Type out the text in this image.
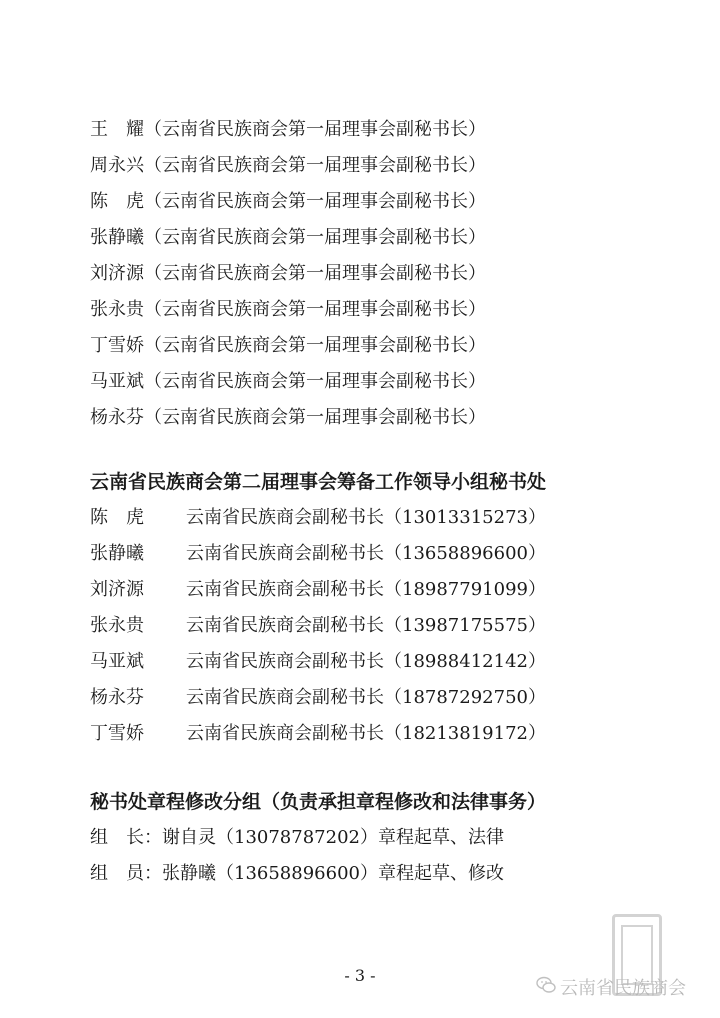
王　耀（云南省民族商会第一届理事会副秘书长）
周永兴（云南省民族商会第一届理事会副秘书长）
陈　虎（云南省民族商会第一届理事会副秘书长）
张静曦（云南省民族商会第一届理事会副秘书长）
刘济源（云南省民族商会第一届理事会副秘书长）
张永贵（云南省民族商会第一届理事会副秘书长）
丁雪娇（云南省民族商会第一届理事会副秘书长）
马亚斌（云南省民族商会第一届理事会副秘书长）
杨永芬（云南省民族商会第一届理事会副秘书长）
云南省民族商会第二届理事会筹备工作领导小组秘书处
陈　虎 云南省民族商会副秘书长（13013315273）
张静曦 云南省民族商会副秘书长（13658896600）
刘济源 云南省民族商会副秘书长（18987791099）
张永贵 云南省民族商会副秘书长（13987175575）
马亚斌 云南省民族商会副秘书长（18988412142）
杨永芬 云南省民族商会副秘书长（18787292750）
丁雪娇 云南省民族商会副秘书长（18213819172）
秘书处章程修改分组（负责承担章程修改和法律事务）
组　长：谢自灵（13078787202）章程起草、法律
组　员：张静曦（13658896600）章程起草、修改
- 3 -
云南省民族商会
